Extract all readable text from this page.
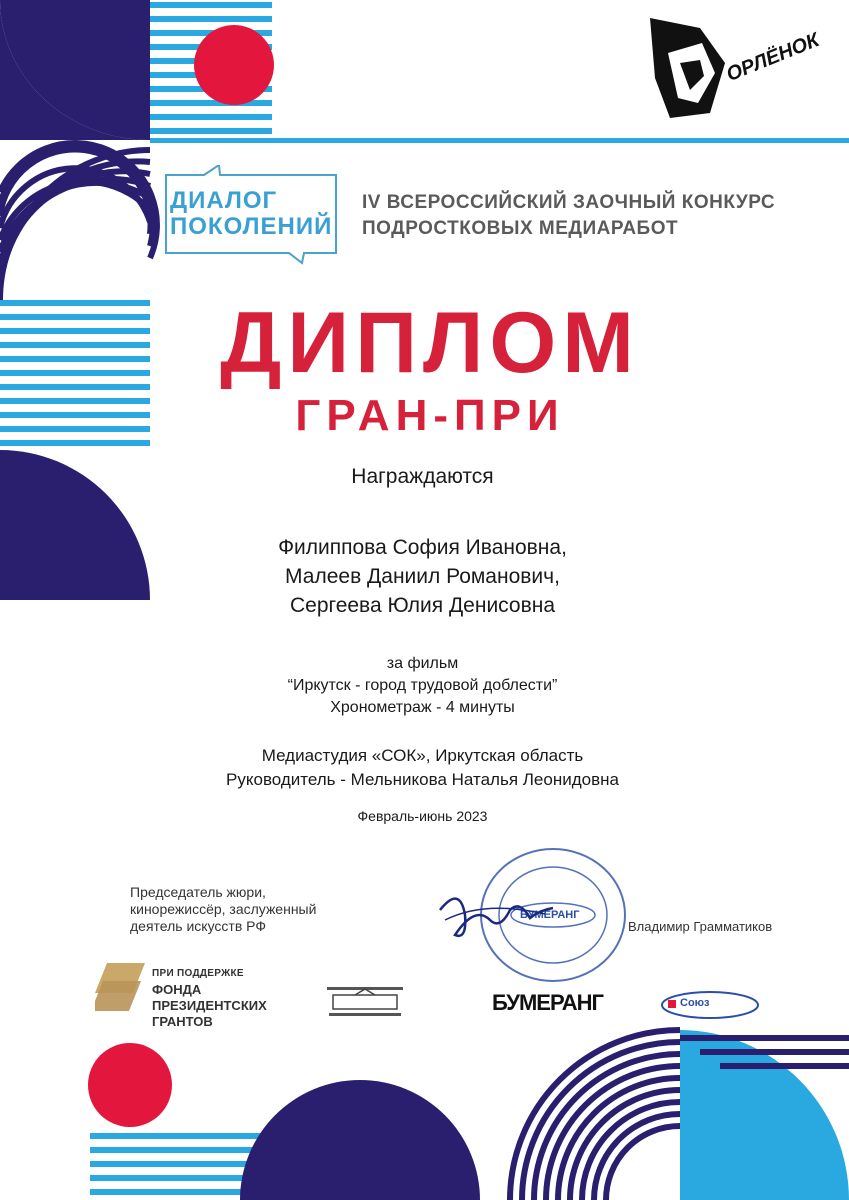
ОРЛЁНОК
ДИАЛОГ
ПОКОЛЕНИЙ
IV ВСЕРОССИЙСКИЙ ЗАОЧНЫЙ КОНКУРС
ПОДРОСТКОВЫХ МЕДИАРАБОТ
ДИПЛОМ
ГРАН-ПРИ
Награждаются
Филиппова София Ивановна,
Малеев Даниил Романович,
Сергеева Юлия Денисовна
за фильм
“Иркутск - город трудовой доблести”
Хронометраж - 4 минуты
Медиастудия «СОК», Иркутская область
Руководитель - Мельникова Наталья Леонидовна
Февраль-июнь 2023
Председатель жюри,
кинорежиссёр, заслуженный
деятель искусств РФ
БУМЕРАНГ
Владимир Грамматиков
ПРИ ПОДДЕРЖКЕ
ФОНДА
ПРЕЗИДЕНТСКИХ
ГРАНТОВ
БУМЕРАНГ	Союз
